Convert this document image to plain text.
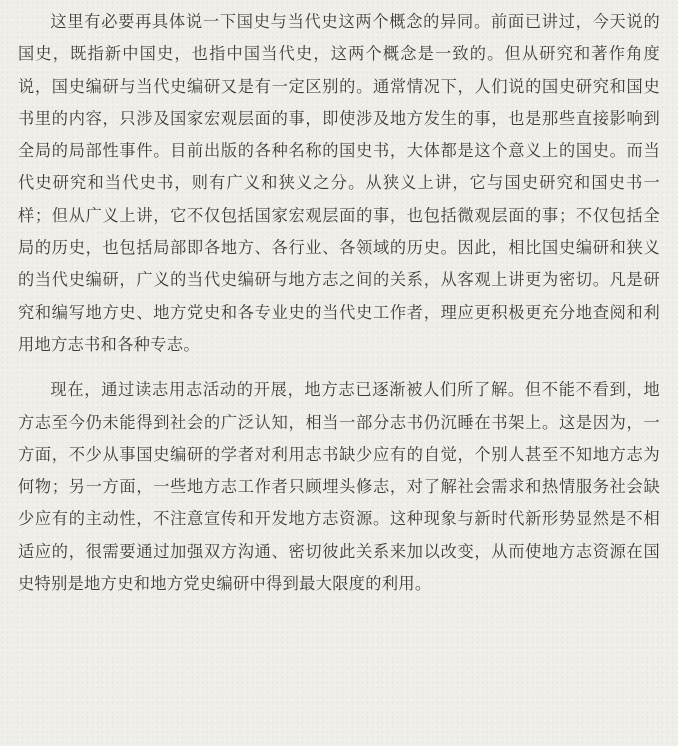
这里有必要再具体说一下国史与当代史这两个概念的异同。前面已讲过，今天说的国史，既指新中国史，也指中国当代史，这两个概念是一致的。但从研究和著作角度说，国史编研与当代史编研又是有一定区别的。通常情况下，人们说的国史研究和国史书里的内容，只涉及国家宏观层面的事，即使涉及地方发生的事，也是那些直接影响到全局的局部性事件。目前出版的各种名称的国史书，大体都是这个意义上的国史。而当代史研究和当代史书，则有广义和狭义之分。从狭义上讲，它与国史研究和国史书一样；但从广义上讲，它不仅包括国家宏观层面的事，也包括微观层面的事；不仅包括全局的历史，也包括局部即各地方、各行业、各领域的历史。因此，相比国史编研和狭义的当代史编研，广义的当代史编研与地方志之间的关系，从客观上讲更为密切。凡是研究和编写地方史、地方党史和各专业史的当代史工作者，理应更积极更充分地查阅和利用地方志书和各种专志。

现在，通过读志用志活动的开展，地方志已逐渐被人们所了解。但不能不看到，地方志至今仍未能得到社会的广泛认知，相当一部分志书仍沉睡在书架上。这是因为，一方面，不少从事国史编研的学者对利用志书缺少应有的自觉，个别人甚至不知地方志为何物；另一方面，一些地方志工作者只顾埋头修志，对了解社会需求和热情服务社会缺少应有的主动性，不注意宣传和开发地方志资源。这种现象与新时代新形势显然是不相适应的，很需要通过加强双方沟通、密切彼此关系来加以改变，从而使地方志资源在国史特别是地方史和地方党史编研中得到最大限度的利用。
